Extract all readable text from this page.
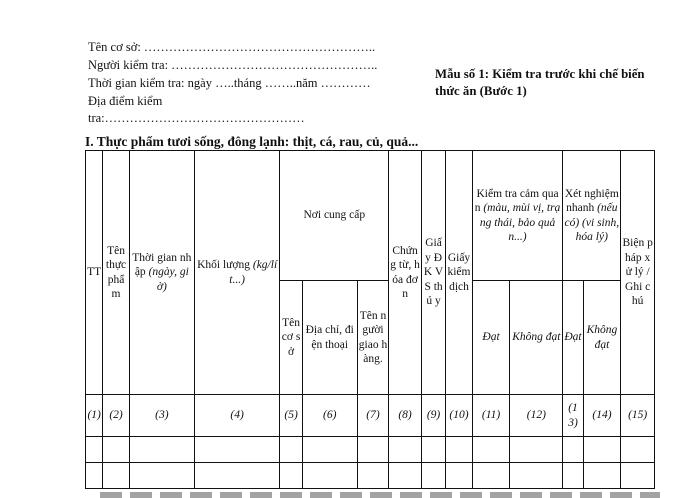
Tên cơ sở: ………………………………………………..
Người kiểm tra: …………………………………………..
Thời gian kiểm tra: ngày …..tháng ……..năm …………
Địa điểm kiểm
tra:…………………………………………
Mẫu số 1: Kiểm tra trước khi chế biến thức ăn (Bước 1)
I. Thực phẩm tươi sống, đông lạnh: thịt, cá, rau, củ, quả...
TT	Tên thực phẩm	Thời gian nhập (ngày, giờ)	Khối lượng (kg/lít...)	Nơi cung cấp			Chứng từ, hóa đơn	Giấy ĐK VS thú y	Giấy kiểm dịch	Kiểm tra cảm quan (màu, mùi vị, trạng thái, bảo quản...)		Xét nghiệm nhanh (nếu có) (vi sinh, hóa lý)		Biện pháp xử lý /Ghi chú
				Tên cơ sở	Địa chỉ, điện thoại	Tên người giao hàng.				Đạt	Không đạt	Đạt	Không đạt	
(1)	(2)	(3)	(4)	(5)	(6)	(7)	(8)	(9)	(10)	(11)	(12)	(13)	(14)	(15)
